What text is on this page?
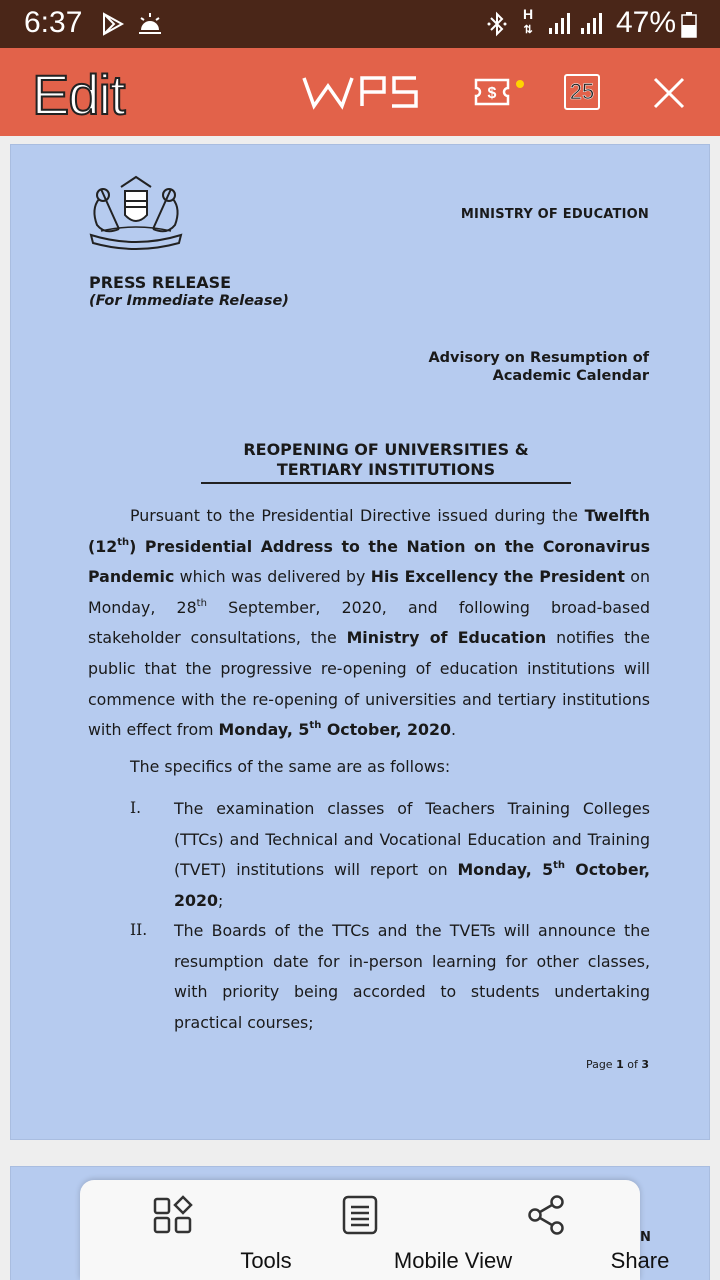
6:37	H
⇅	47%
Edit	$	25
MINISTRY OF EDUCATION
PRESS RELEASE
(For Immediate Release)
Advisory on Resumption of
Academic Calendar
REOPENING OF UNIVERSITIES &
TERTIARY INSTITUTIONS

Pursuant to the Presidential Directive issued during the Twelfth (12th) Presidential Address to the Nation on the Coronavirus Pandemic which was delivered by His Excellency the President on Monday, 28th September, 2020, and following broad-based stakeholder consultations, the Ministry of Education notifies the public that the progressive re-opening of education institutions will commence with the re-opening of universities and tertiary institutions with effect from Monday, 5th October, 2020.

The specifics of the same are as follows:
I. The examination classes of Teachers Training Colleges (TTCs) and Technical and Vocational Education and Training (TVET) institutions will report on Monday, 5th October, 2020;

II. The Boards of the TTCs and the TVETs will announce the resumption date for in-person learning for other classes, with priority being accorded to students undertaking practical courses;

Page 1 of 3
N
Tools	Mobile View	Share
